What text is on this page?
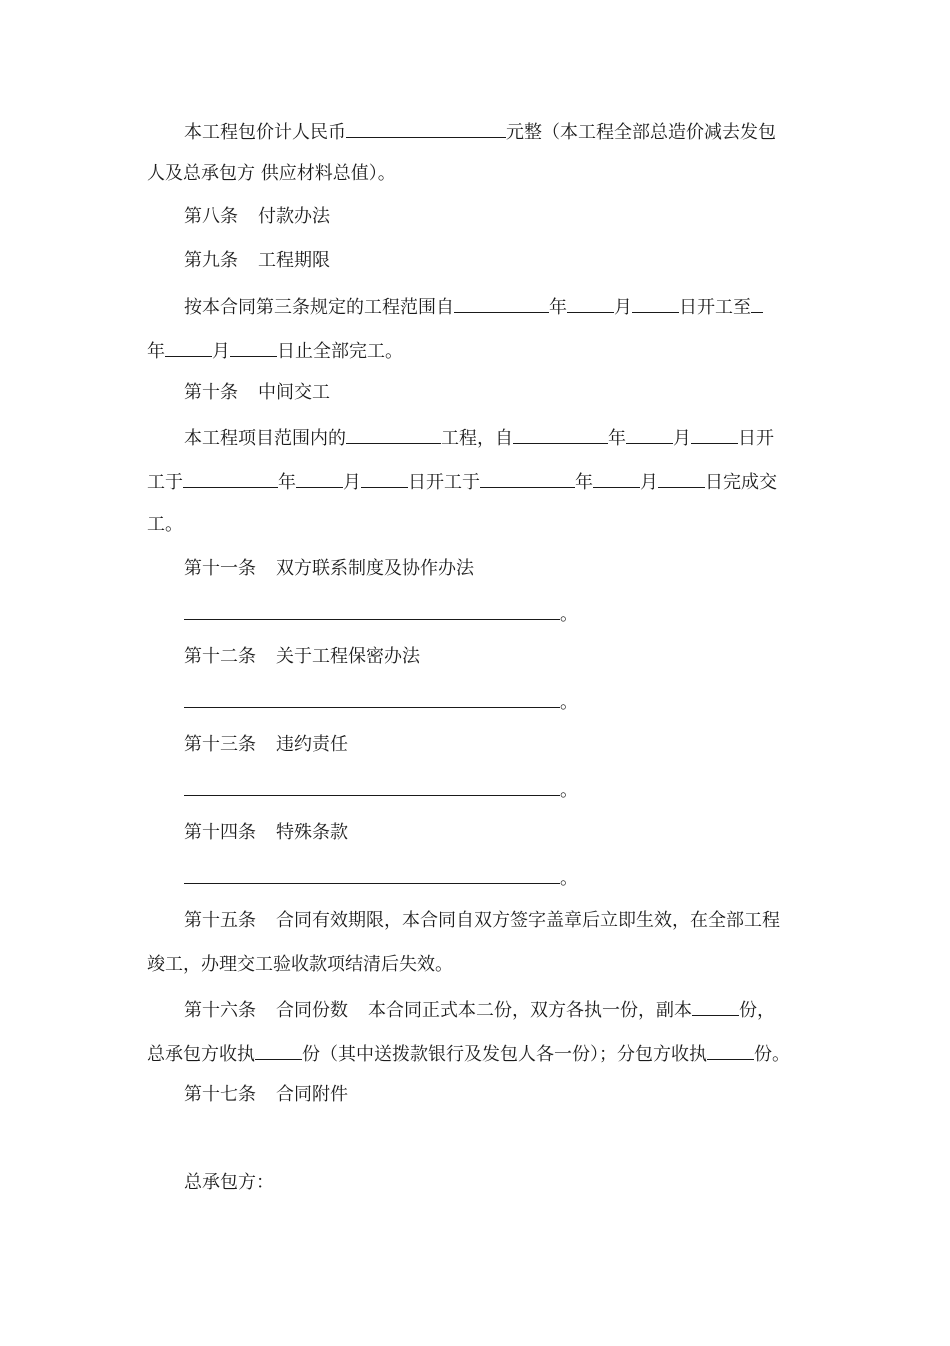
本工程包价计人民币	元整（本工程全部总造价减去发包
人及总承包方 供应材料总值）。
第八条 付款办法
第九条 工程期限
按本合同第三条规定的工程范围自	年	月	日开工至
年	月	日止全部完工。
第十条 中间交工
本工程项目范围内的	工程，自	年	月	日开
工于	年	月	日开工于	年	月	日完成交
工。
第十一条 双方联系制度及协作办法
。
第十二条 关于工程保密办法
。
第十三条 违约责任
。
第十四条 特殊条款
。
第十五条 合同有效期限，本合同自双方签字盖章后立即生效，在全部工程
竣工，办理交工验收款项结清后失效。
第十六条 合同份数 本合同正式本二份，双方各执一份，副本	份，
总承包方收执	份（其中送拨款银行及发包人各一份）；分包方收执	份。
第十七条 合同附件
总承包方：
